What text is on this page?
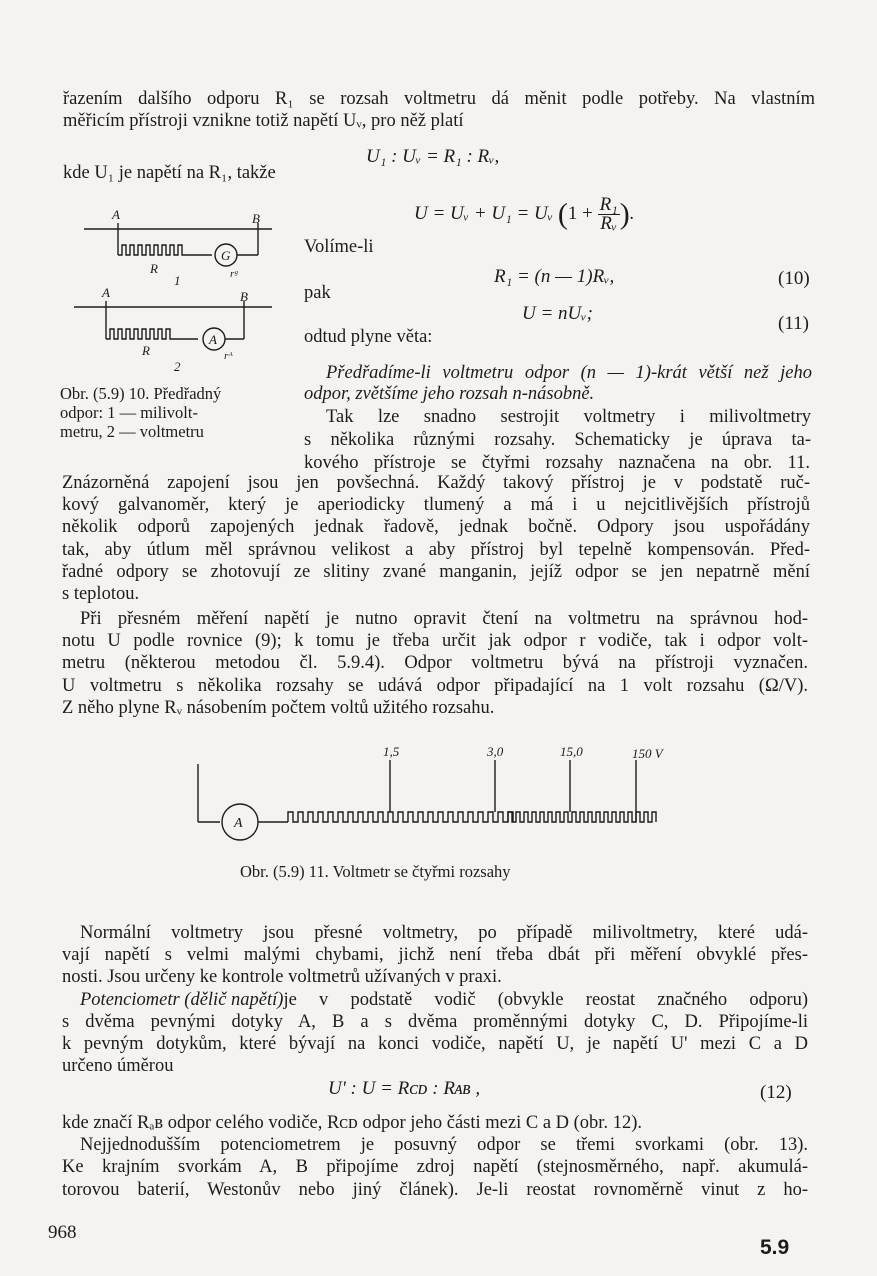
řazením dalšího odporu R₁ se rozsah voltmetru dá měnit podle potřeby. Na vlastním
měřicím přístroji vznikne totiž napětí Uᵥ, pro něž platí
U₁ : Uᵥ = R₁ : Rᵥ,
kde U₁ je napětí na R₁, takže
U = Uᵥ + U₁ = Uᵥ ($1 + \frac{\text{R₁}}{\text{Rᵥ}}$ ).
Volíme-li
R₁ = (n — 1)Rᵥ,	(10)
pak
U = nUᵥ;	(11)
odtud plyne věta:
Předřadíme-li voltmetru odpor (n — 1)-krát větší než jeho
odpor, zvětšíme jeho rozsah n-násobně.
Tak lze snadno sestrojit voltmetry i milivoltmetry
s několika různými rozsahy. Schematicky je úprava ta-
kového přístroje se čtyřmi rozsahy naznačena na obr. 11.
A	B
G
rᵍ
R
1
A	B
A
rᴬ
R
2
Obr. (5.9) 10. Předřadný
odpor: 1 — milivolt-
metru, 2 — voltmetru
Znázorněná zapojení jsou jen povšechná. Každý takový přístroj je v podstatě ruč-
kový galvanoměr, který je aperiodicky tlumený a má i u nejcitlivějších přístrojů
několik odporů zapojených jednak řadově, jednak bočně. Odpory jsou uspořádány
tak, aby útlum měl správnou velikost a aby přístroj byl tepelně kompensován. Před-
řadné odpory se zhotovují ze slitiny zvané manganin, jejíž odpor se jen nepatrně mění
s teplotou.
Při přesném měření napětí je nutno opravit čtení na voltmetru na správnou hod-
notu U podle rovnice (9); k tomu je třeba určit jak odpor r vodiče, tak i odpor volt-
metru (některou metodou čl. 5.9.4). Odpor voltmetru bývá na přístroji vyznačen.
U voltmetru s několika rozsahy se udává odpor připadající na 1 volt rozsahu (Ω/V).
Z něho plyne Rᵥ násobením počtem voltů užitého rozsahu.
1,5	3,0	15,0	150 V
A
Obr. (5.9) 11. Voltmetr se čtyřmi rozsahy
Normální voltmetry jsou přesné voltmetry, po případě milivoltmetry, které udá-
vají napětí s velmi malými chybami, jichž není třeba dbát při měření obvyklé přes-
nosti. Jsou určeny ke kontrole voltmetrů užívaných v praxi.
Potenciometr (dělič napětí) je v podstatě vodič (obvykle reostat značného odporu)
s dvěma pevnými dotyky A, B a s dvěma proměnnými dotyky C, D. Připojíme-li
k pevným dotykům, které bývají na konci vodiče, napětí U, je napětí U' mezi C a D
určeno úměrou
U' : U = Rᴄᴅ : Rᴀʙ ,	(12)
kde značí Rₐʙ odpor celého vodiče, Rᴄᴅ odpor jeho části mezi C a D (obr. 12).
Nejjednodušším potenciometrem je posuvný odpor se třemi svorkami (obr. 13).
Ke krajním svorkám A, B připojíme zdroj napětí (stejnosměrného, např. akumulá-
torovou baterií, Westonův nebo jiný článek). Je-li reostat rovnoměrně vinut z ho-
968
5.9
